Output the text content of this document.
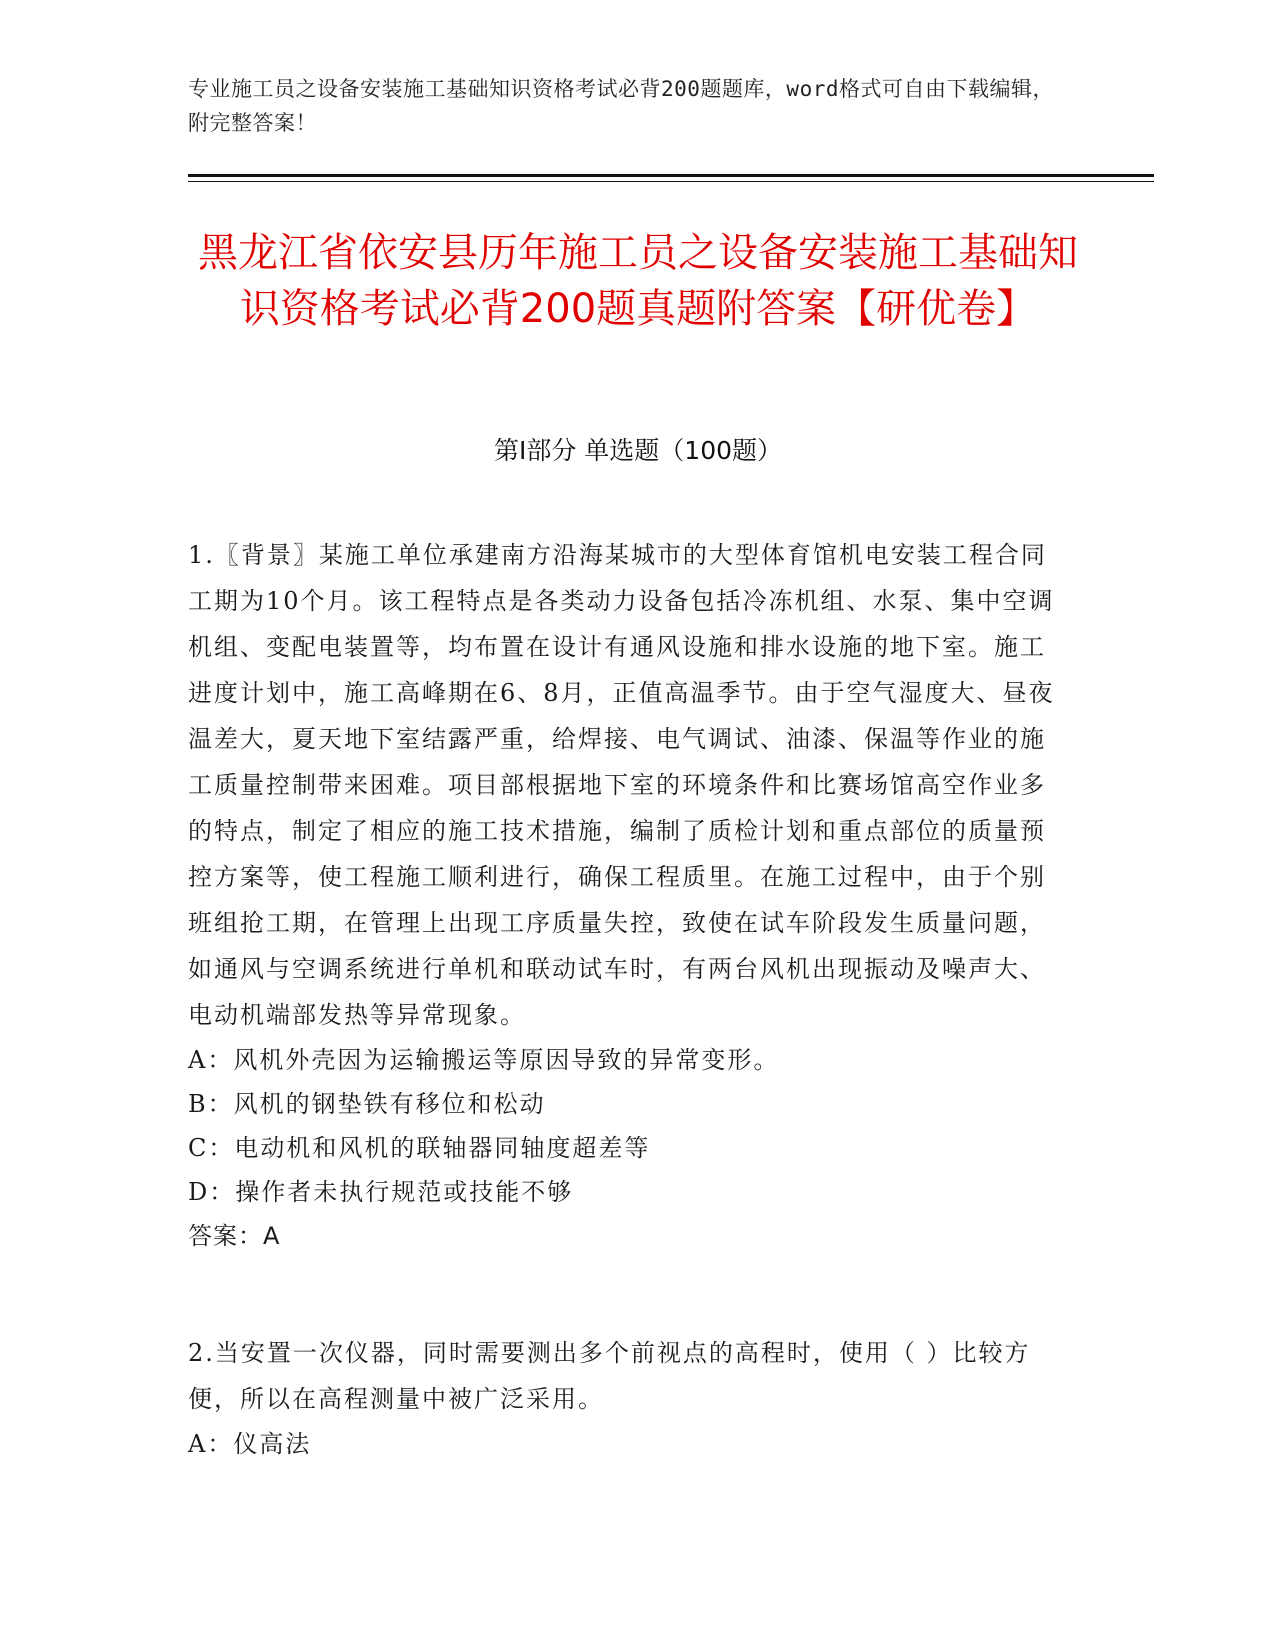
专业施工员之设备安装施工基础知识资格考试必背200题题库，word格式可自由下载编辑，附完整答案！
黑龙江省依安县历年施工员之设备安装施工基础知识资格考试必背200题真题附答案【研优卷】
第I部分 单选题（100题）

1.〖背景〗某施工单位承建南方沿海某城市的大型体育馆机电安装工程合同工期为10个月。该工程特点是各类动力设备包括冷冻机组、水泵、集中空调机组、变配电装置等，均布置在设计有通风设施和排水设施的地下室。施工进度计划中，施工高峰期在6、8月，正值高温季节。由于空气湿度大、昼夜温差大，夏天地下室结露严重，给焊接、电气调试、油漆、保温等作业的施工质量控制带来困难。项目部根据地下室的环境条件和比赛场馆高空作业多的特点，制定了相应的施工技术措施，编制了质检计划和重点部位的质量预控方案等，使工程施工顺利进行，确保工程质里。在施工过程中，由于个别班组抢工期，在管理上出现工序质量失控，致使在试车阶段发生质量问题，如通风与空调系统进行单机和联动试车时，有两台风机出现振动及噪声大、电动机端部发热等异常现象。

A：风机外壳因为运输搬运等原因导致的异常变形。

B：风机的钢垫铁有移位和松动

C：电动机和风机的联轴器同轴度超差等

D：操作者未执行规范或技能不够

答案：A

2.当安置一次仪器，同时需要测出多个前视点的高程时，使用（ ）比较方便，所以在高程测量中被广泛采用。

A：仪高法
